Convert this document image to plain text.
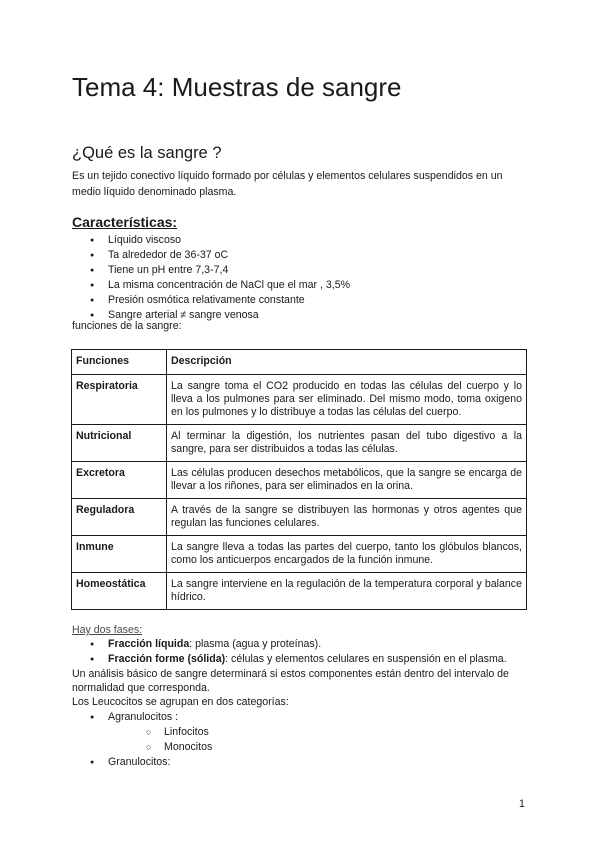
Tema 4: Muestras de sangre
¿Qué es la sangre ?

Es un tejido conectivo líquido formado por células y elementos celulares suspendidos en un medio líquido denominado plasma.

Características:
● Líquido viscoso
● Ta alrededor de 36-37 oC
● Tiene un pH entre 7,3-7,4
● La misma concentración de NaCl que el mar , 3,5%
● Presión osmótica relativamente constante
● Sangre arterial ≠ sangre venosa

funciones de la sangre:

Funciones	Descripción
Respiratoria	La sangre toma el CO2 producido en todas las células del cuerpo y lo lleva a los pulmones para ser eliminado. Del mismo modo, toma oxigeno en los pulmones y lo distribuye a todas las células del cuerpo.
Nutricional	Al terminar la digestión, los nutrientes pasan del tubo digestivo a la sangre, para ser distribuidos a todas las células.
Excretora	Las células producen desechos metabólicos, que la sangre se encarga de llevar a los riñones, para ser eliminados en la orina.
Reguladora	A través de la sangre se distribuyen las hormonas y otros agentes que regulan las funciones celulares.
Inmune	La sangre lleva a todas las partes del cuerpo, tanto los glóbulos blancos, como los anticuerpos encargados de la función inmune.
Homeostática	La sangre interviene en la regulación de la temperatura corporal y balance hídrico.

Hay dos fases:

● Fracción líquida: plasma (agua y proteínas).
● Fracción forme (sólida): células y elementos celulares en suspensión en el plasma.

Un análisis básico de sangre determinará si estos componentes están dentro del intervalo de normalidad que corresponda.

Los Leucocitos se agrupan en dos categorías:

● Agranulocitos :
○ Linfocitos
○ Monocitos
● Granulocitos:

1
